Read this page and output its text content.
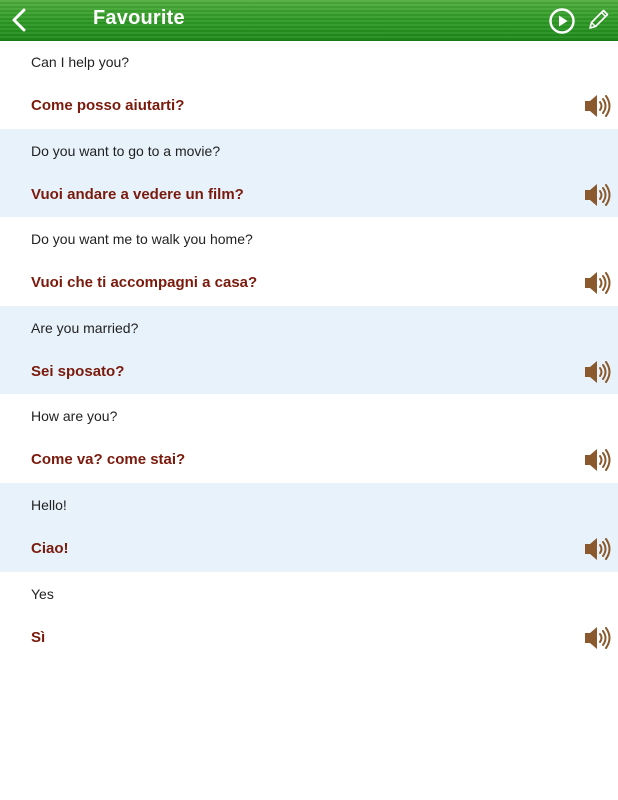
Favourite
Can I help you?
Come posso aiutarti?
Do you want to go to a movie?
Vuoi andare a vedere un film?
Do you want me to walk you home?
Vuoi che ti accompagni a casa?
Are you married?
Sei sposato?
How are you?
Come va? come stai?
Hello!
Ciao!
Yes
Sì
